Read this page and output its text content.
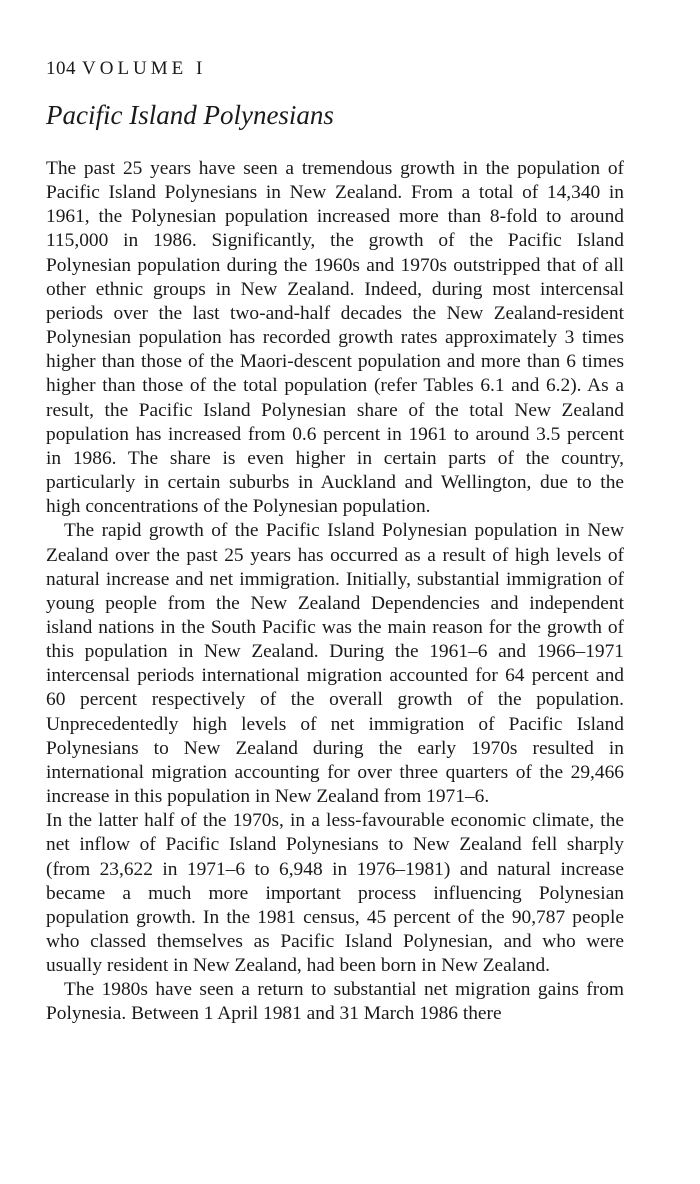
104 VOLUME I
Pacific Island Polynesians

The past 25 years have seen a tremendous growth in the population of Pacific Island Polynesians in New Zealand. From a total of 14,340 in 1961, the Polynesian population increased more than 8-fold to around 115,000 in 1986. Significantly, the growth of the Pacific Island Polynesian population during the 1960s and 1970s outstripped that of all other ethnic groups in New Zealand. Indeed, during most intercensal periods over the last two-and-half decades the New Zealand-resident Polynesian population has recorded growth rates approximately 3 times higher than those of the Maori-descent population and more than 6 times higher than those of the total population (refer Tables 6.1 and 6.2). As a result, the Pacific Island Polynesian share of the total New Zealand population has increased from 0.6 percent in 1961 to around 3.5 percent in 1986. The share is even higher in certain parts of the country, particularly in certain suburbs in Auckland and Wellington, due to the high concentrations of the Polynesian population.

The rapid growth of the Pacific Island Polynesian population in New Zealand over the past 25 years has occurred as a result of high levels of natural increase and net immigration. Initially, substantial immigration of young people from the New Zealand Dependencies and independent island nations in the South Pacific was the main reason for the growth of this population in New Zealand. During the 1961–6 and 1966–1971 intercensal periods international migration accounted for 64 percent and 60 percent respectively of the overall growth of the population. Unprecedentedly high levels of net immigration of Pacific Island Polynesians to New Zealand during the early 1970s resulted in international migration accounting for over three quarters of the 29,466 increase in this population in New Zealand from 1971–6.

In the latter half of the 1970s, in a less-favourable economic climate, the net inflow of Pacific Island Polynesians to New Zealand fell sharply (from 23,622 in 1971–6 to 6,948 in 1976–1981) and natural increase became a much more important process influencing Polynesian population growth. In the 1981 census, 45 percent of the 90,787 people who classed themselves as Pacific Island Polynesian, and who were usually resident in New Zealand, had been born in New Zealand.

The 1980s have seen a return to substantial net migration gains from Polynesia. Between 1 April 1981 and 31 March 1986 there
